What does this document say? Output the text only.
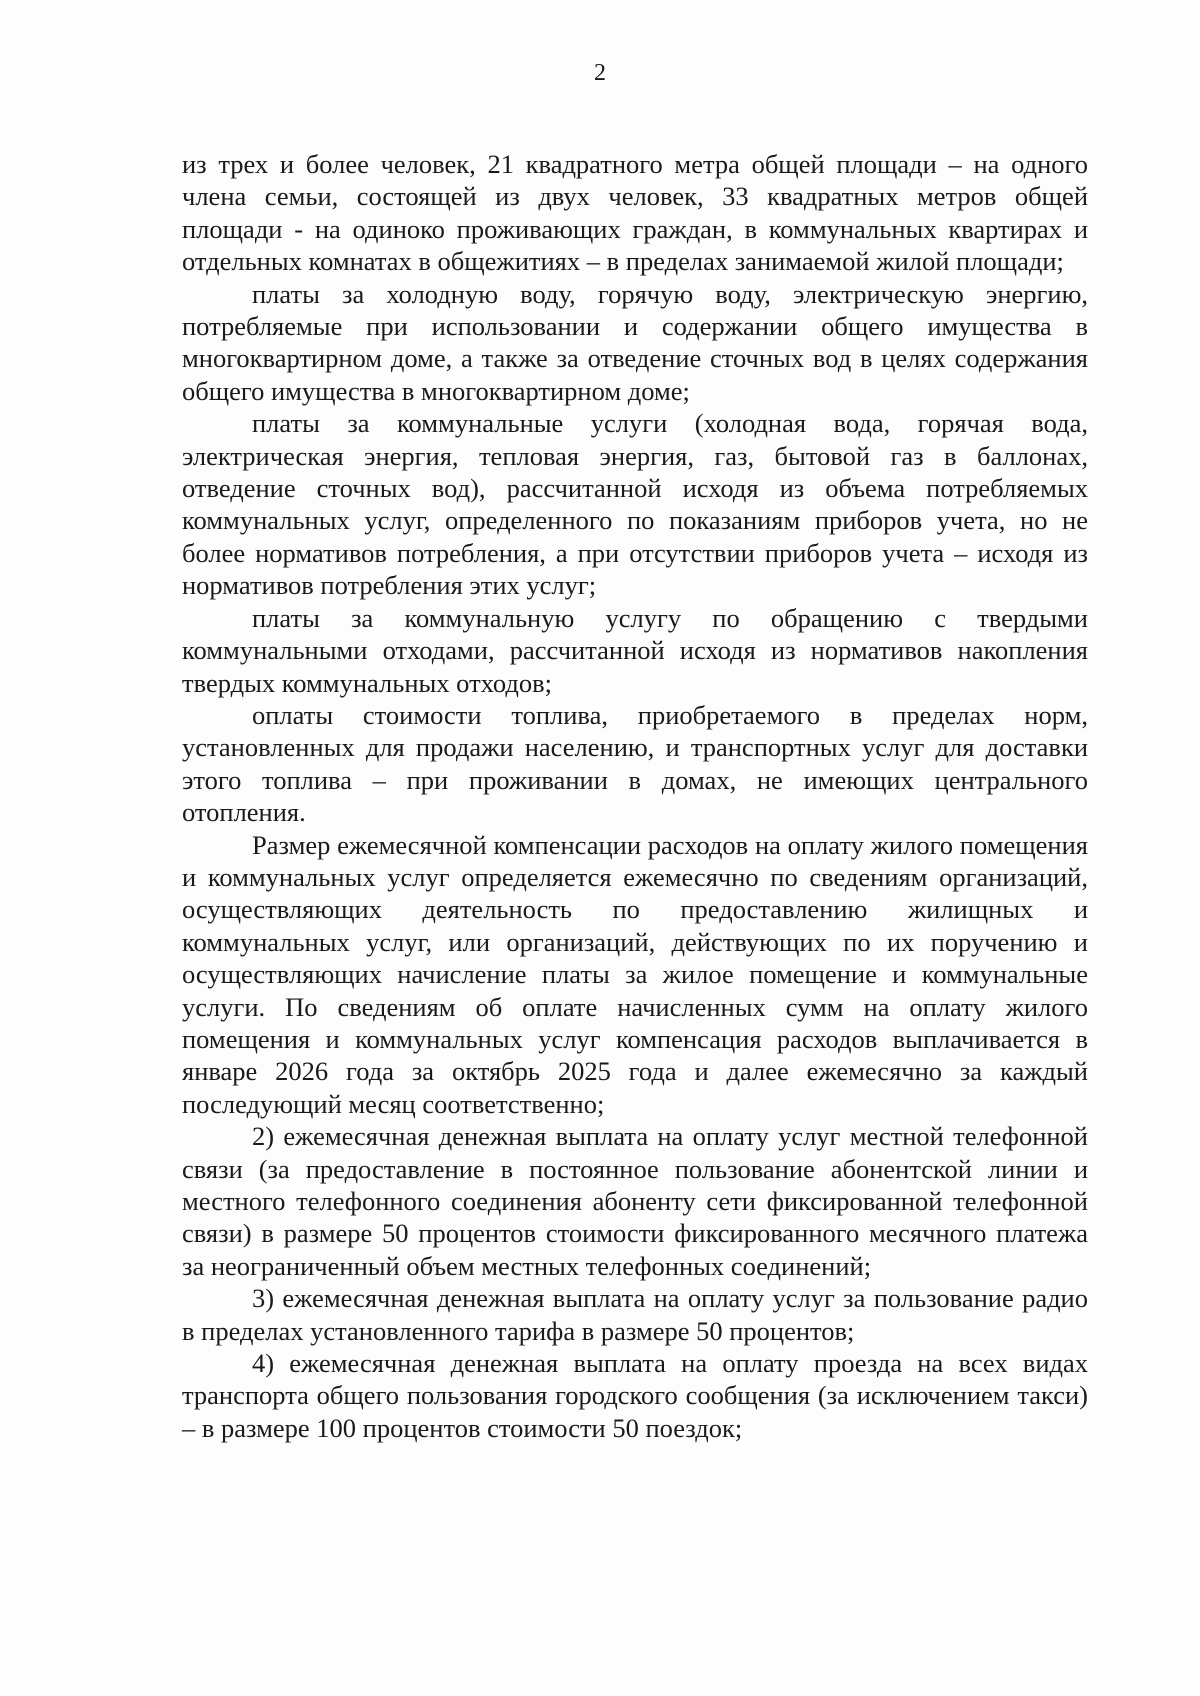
2

из трех и более человек, 21 квадратного метра общей площади – на одного члена семьи, состоящей из двух человек, 33 квадратных метров общей площади - на одиноко проживающих граждан, в коммунальных квартирах и отдельных комнатах в общежитиях – в пределах занимаемой жилой площади;

платы за холодную воду, горячую воду, электрическую энергию, потребляемые при использовании и содержании общего имущества в многоквартирном доме, а также за отведение сточных вод в целях содержания общего имущества в многоквартирном доме;

платы за коммунальные услуги (холодная вода, горячая вода, электрическая энергия, тепловая энергия, газ, бытовой газ в баллонах, отведение сточных вод), рассчитанной исходя из объема потребляемых коммунальных услуг, определенного по показаниям приборов учета, но не более нормативов потребления, а при отсутствии приборов учета – исходя из нормативов потребления этих услуг;

платы за коммунальную услугу по обращению с твердыми коммунальными отходами, рассчитанной исходя из нормативов накопления твердых коммунальных отходов;

оплаты стоимости топлива, приобретаемого в пределах норм, установленных для продажи населению, и транспортных услуг для доставки этого топлива – при проживании в домах, не имеющих центрального отопления.

Размер ежемесячной компенсации расходов на оплату жилого помещения и коммунальных услуг определяется ежемесячно по сведениям организаций, осуществляющих деятельность по предоставлению жилищных и коммунальных услуг, или организаций, действующих по их поручению и осуществляющих начисление платы за жилое помещение и коммунальные услуги. По сведениям об оплате начисленных сумм на оплату жилого помещения и коммунальных услуг компенсация расходов выплачивается в январе 2026 года за октябрь 2025 года и далее ежемесячно за каждый последующий месяц соответственно;

2) ежемесячная денежная выплата на оплату услуг местной телефонной связи (за предоставление в постоянное пользование абонентской линии и местного телефонного соединения абоненту сети фиксированной телефонной связи) в размере 50 процентов стоимости фиксированного месячного платежа за неограниченный объем местных телефонных соединений;

3) ежемесячная денежная выплата на оплату услуг за пользование радио в пределах установленного тарифа в размере 50 процентов;

4) ежемесячная денежная выплата на оплату проезда на всех видах транспорта общего пользования городского сообщения (за исключением такси) – в размере 100 процентов стоимости 50 поездок;
